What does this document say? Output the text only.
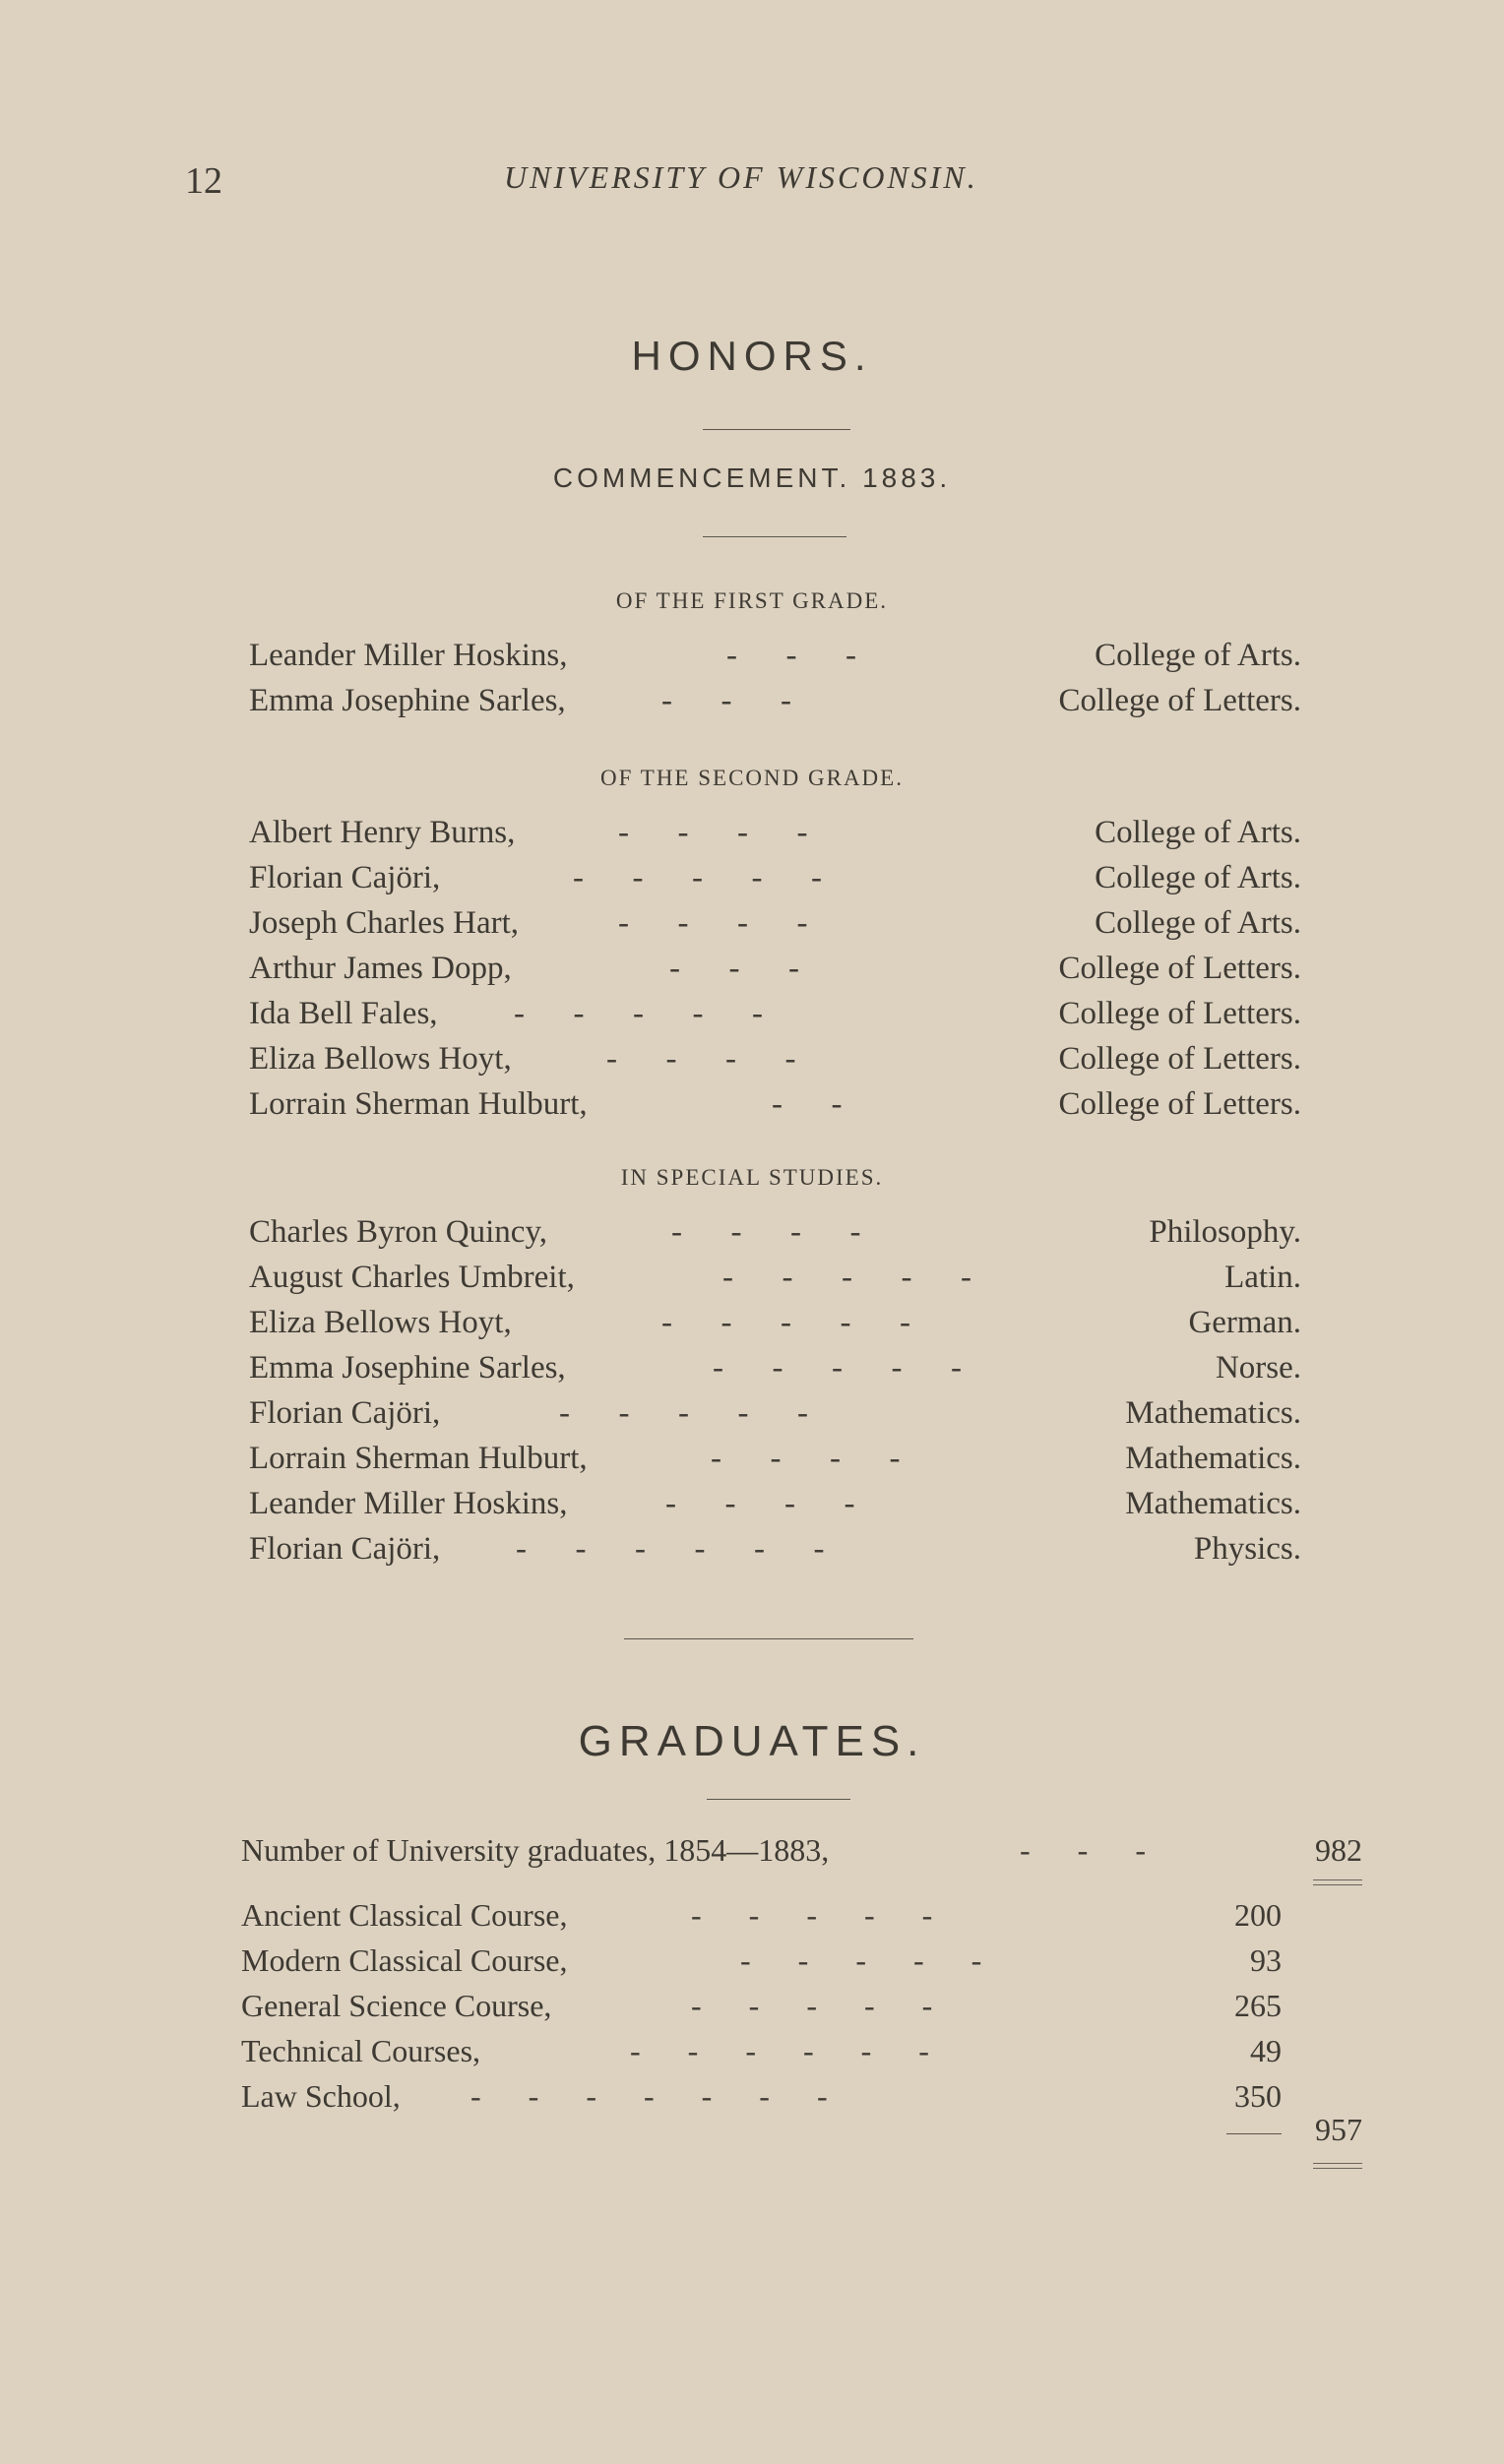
12	UNIVERSITY OF WISCONSIN.
HONORS.
COMMENCEMENT. 1883.
OF THE FIRST GRADE.
Leander Miller Hoskins,	-      -      -	College of Arts.
Emma Josephine Sarles,	-      -      -	College of Letters.
OF THE SECOND GRADE.
Albert Henry Burns,	-      -      -      -	College of Arts.
Florian Cajöri,	-      -      -      -      -	College of Arts.
Joseph Charles Hart,	-      -      -      -	College of Arts.
Arthur James Dopp,	-      -      -	College of Letters.
Ida Bell Fales, -      -      -      -      -	College of Letters.
Eliza Bellows Hoyt,	-      -      -      -	College of Letters.
Lorrain Sherman Hulburt,	-      -	College of Letters.
IN SPECIAL STUDIES.
Charles Byron Quincy,	-      -      -      -	Philosophy.
August Charles Umbreit,	-      -      -      -      -	Latin.
Eliza Bellows Hoyt,	-      -      -      -      -	German.
Emma Josephine Sarles,	-      -      -      -      -	Norse.
Florian Cajöri,	-      -      -      -      -	Mathematics.
Lorrain Sherman Hulburt,	-      -      -      -	Mathematics.
Leander Miller Hoskins,	-      -      -      -	Mathematics.
Florian Cajöri, -      -      -      -      -      -	Physics.
GRADUATES.
Number of University graduates, 1854—1883,	-      -      -	982
Ancient Classical Course,	-      -      -      -      -	200
Modern Classical Course,	-      -      -      -      -	93
General Science Course,	-      -      -      -      -	265
Technical Courses,	-      -      -      -      -      -	49
Law School, -      -      -      -      -      -      -	350
957
